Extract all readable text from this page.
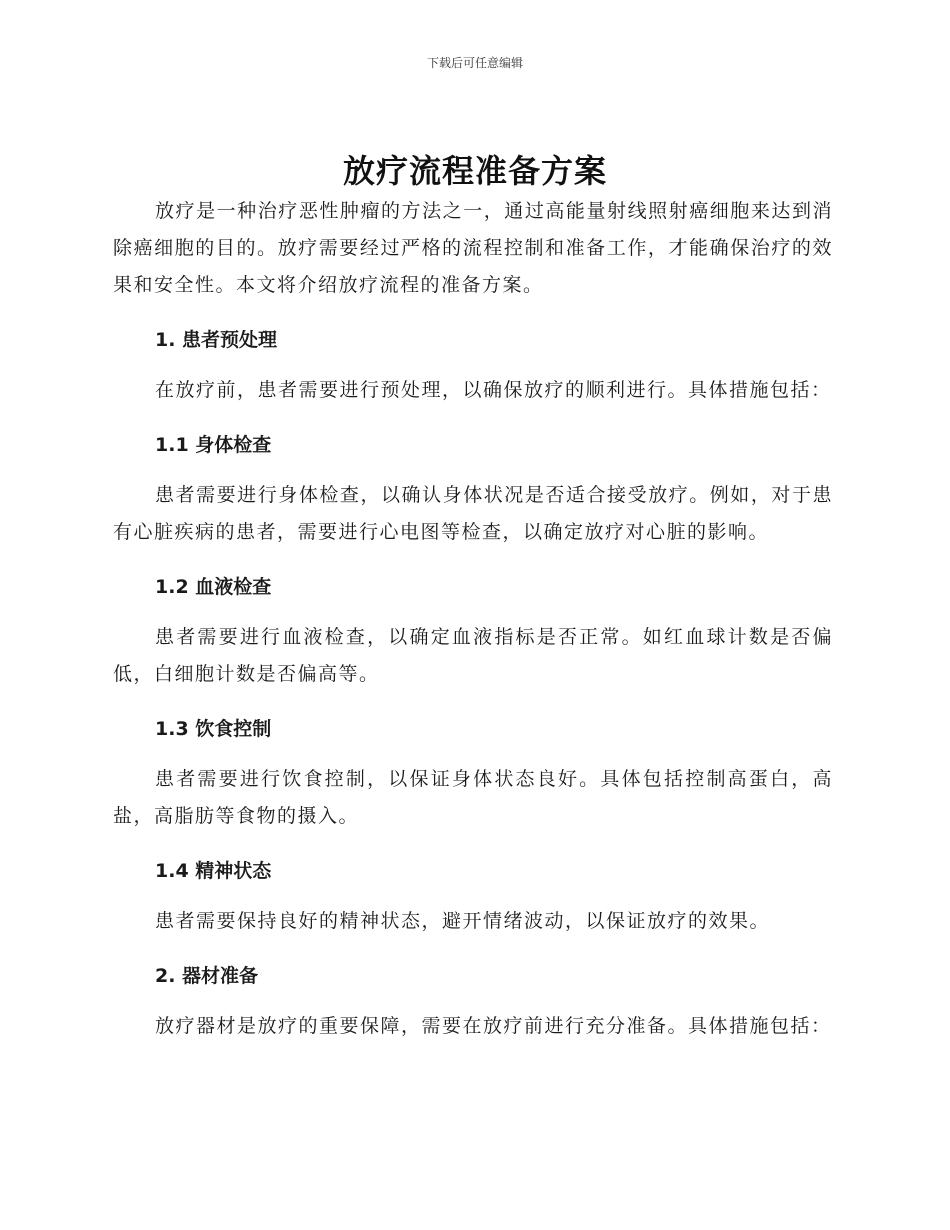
下载后可任意编辑
放疗流程准备方案

放疗是一种治疗恶性肿瘤的方法之一，通过高能量射线照射癌细胞来达到消除癌细胞的目的。放疗需要经过严格的流程控制和准备工作，才能确保治疗的效果和安全性。本文将介绍放疗流程的准备方案。

1. 患者预处理

在放疗前，患者需要进行预处理，以确保放疗的顺利进行。具体措施包括：

1.1 身体检查

患者需要进行身体检查，以确认身体状况是否适合接受放疗。例如，对于患有心脏疾病的患者，需要进行心电图等检查，以确定放疗对心脏的影响。

1.2 血液检查

患者需要进行血液检查，以确定血液指标是否正常。如红血球计数是否偏低，白细胞计数是否偏高等。

1.3 饮食控制

患者需要进行饮食控制，以保证身体状态良好。具体包括控制高蛋白，高盐，高脂肪等食物的摄入。

1.4 精神状态

患者需要保持良好的精神状态，避开情绪波动，以保证放疗的效果。

2. 器材准备

放疗器材是放疗的重要保障，需要在放疗前进行充分准备。具体措施包括：
